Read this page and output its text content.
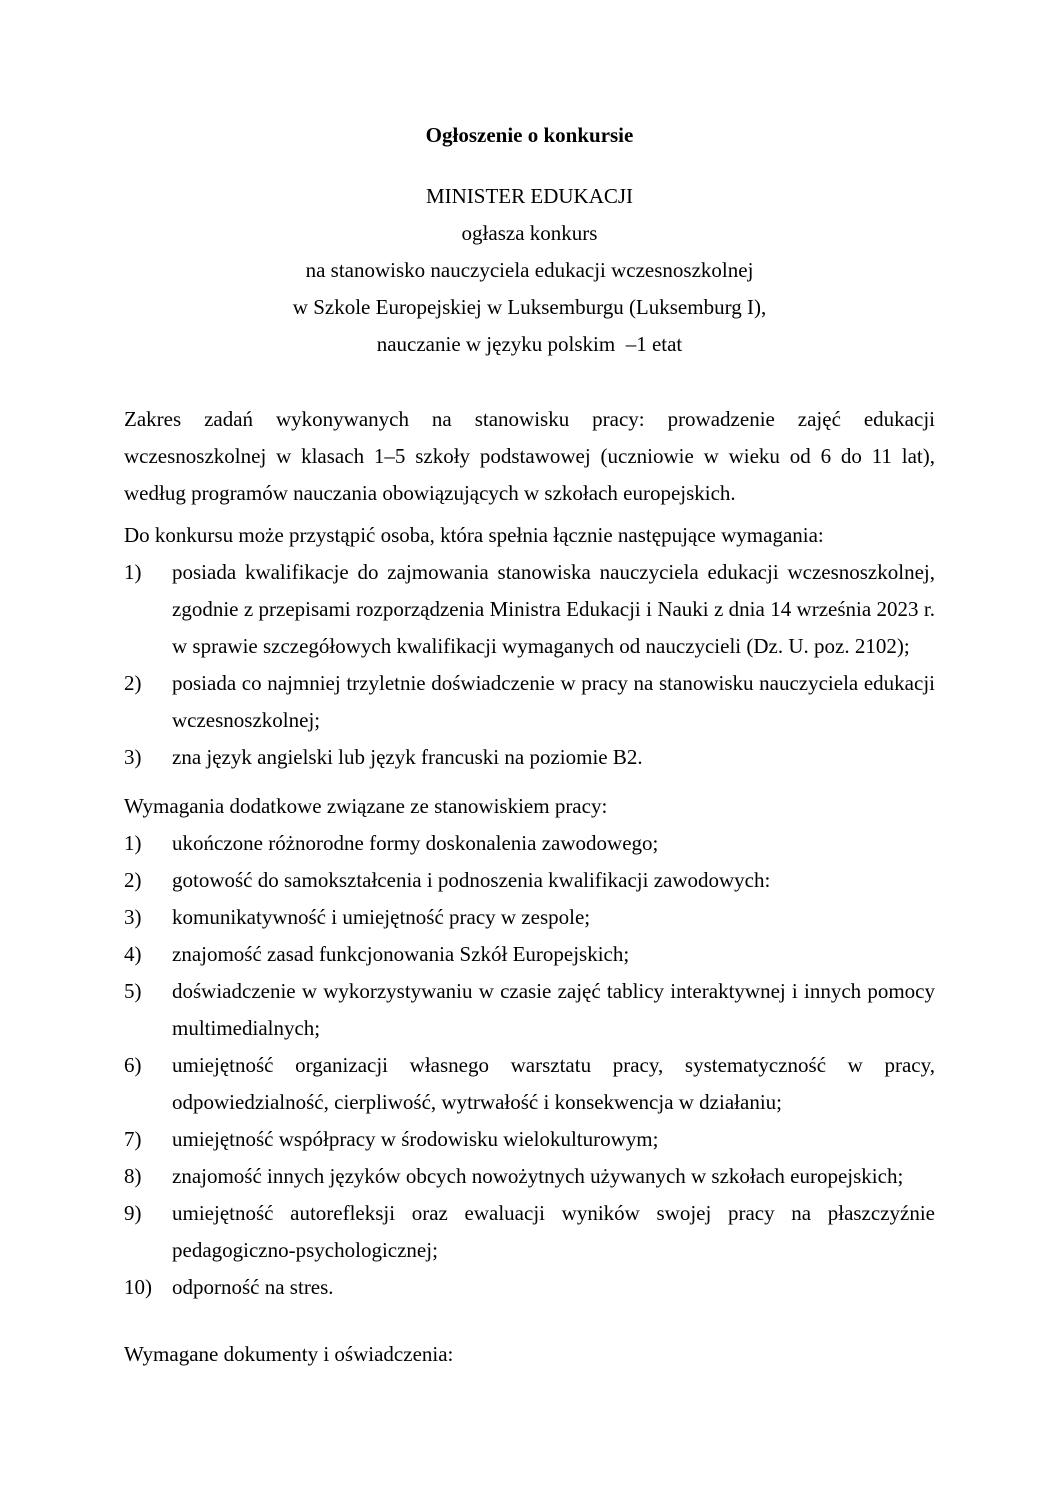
Ogłoszenie o konkursie
MINISTER EDUKACJI
ogłasza konkurs
na stanowisko nauczyciela edukacji wczesnoszkolnej
w Szkole Europejskiej w Luksemburgu (Luksemburg I),
nauczanie w języku polskim  –1 etat
Zakres zadań wykonywanych na stanowisku pracy: prowadzenie zajęć edukacji wczesnoszkolnej w klasach 1–5 szkoły podstawowej (uczniowie w wieku od 6 do 11 lat), według programów nauczania obowiązujących w szkołach europejskich.
Do konkursu może przystąpić osoba, która spełnia łącznie następujące wymagania:
1) posiada kwalifikacje do zajmowania stanowiska nauczyciela edukacji wczesnoszkolnej, zgodnie z przepisami rozporządzenia Ministra Edukacji i Nauki z dnia 14 września 2023 r. w sprawie szczegółowych kwalifikacji wymaganych od nauczycieli (Dz. U. poz. 2102);
2) posiada co najmniej trzyletnie doświadczenie w pracy na stanowisku nauczyciela edukacji wczesnoszkolnej;
3) zna język angielski lub język francuski na poziomie B2.
Wymagania dodatkowe związane ze stanowiskiem pracy:
1) ukończone różnorodne formy doskonalenia zawodowego;
2) gotowość do samokształcenia i podnoszenia kwalifikacji zawodowych:
3) komunikatywność i umiejętność pracy w zespole;
4) znajomość zasad funkcjonowania Szkół Europejskich;
5) doświadczenie w wykorzystywaniu w czasie zajęć tablicy interaktywnej i innych pomocy multimedialnych;
6) umiejętność organizacji własnego warsztatu pracy, systematyczność w pracy, odpowiedzialność, cierpliwość, wytrwałość i konsekwencja w działaniu;
7) umiejętność współpracy w środowisku wielokulturowym;
8) znajomość innych języków obcych nowożytnych używanych w szkołach europejskich;
9) umiejętność autorefleksji oraz ewaluacji wyników swojej pracy na płaszczyźnie pedagogiczno-psychologicznej;
10) odporność na stres.
Wymagane dokumenty i oświadczenia:
